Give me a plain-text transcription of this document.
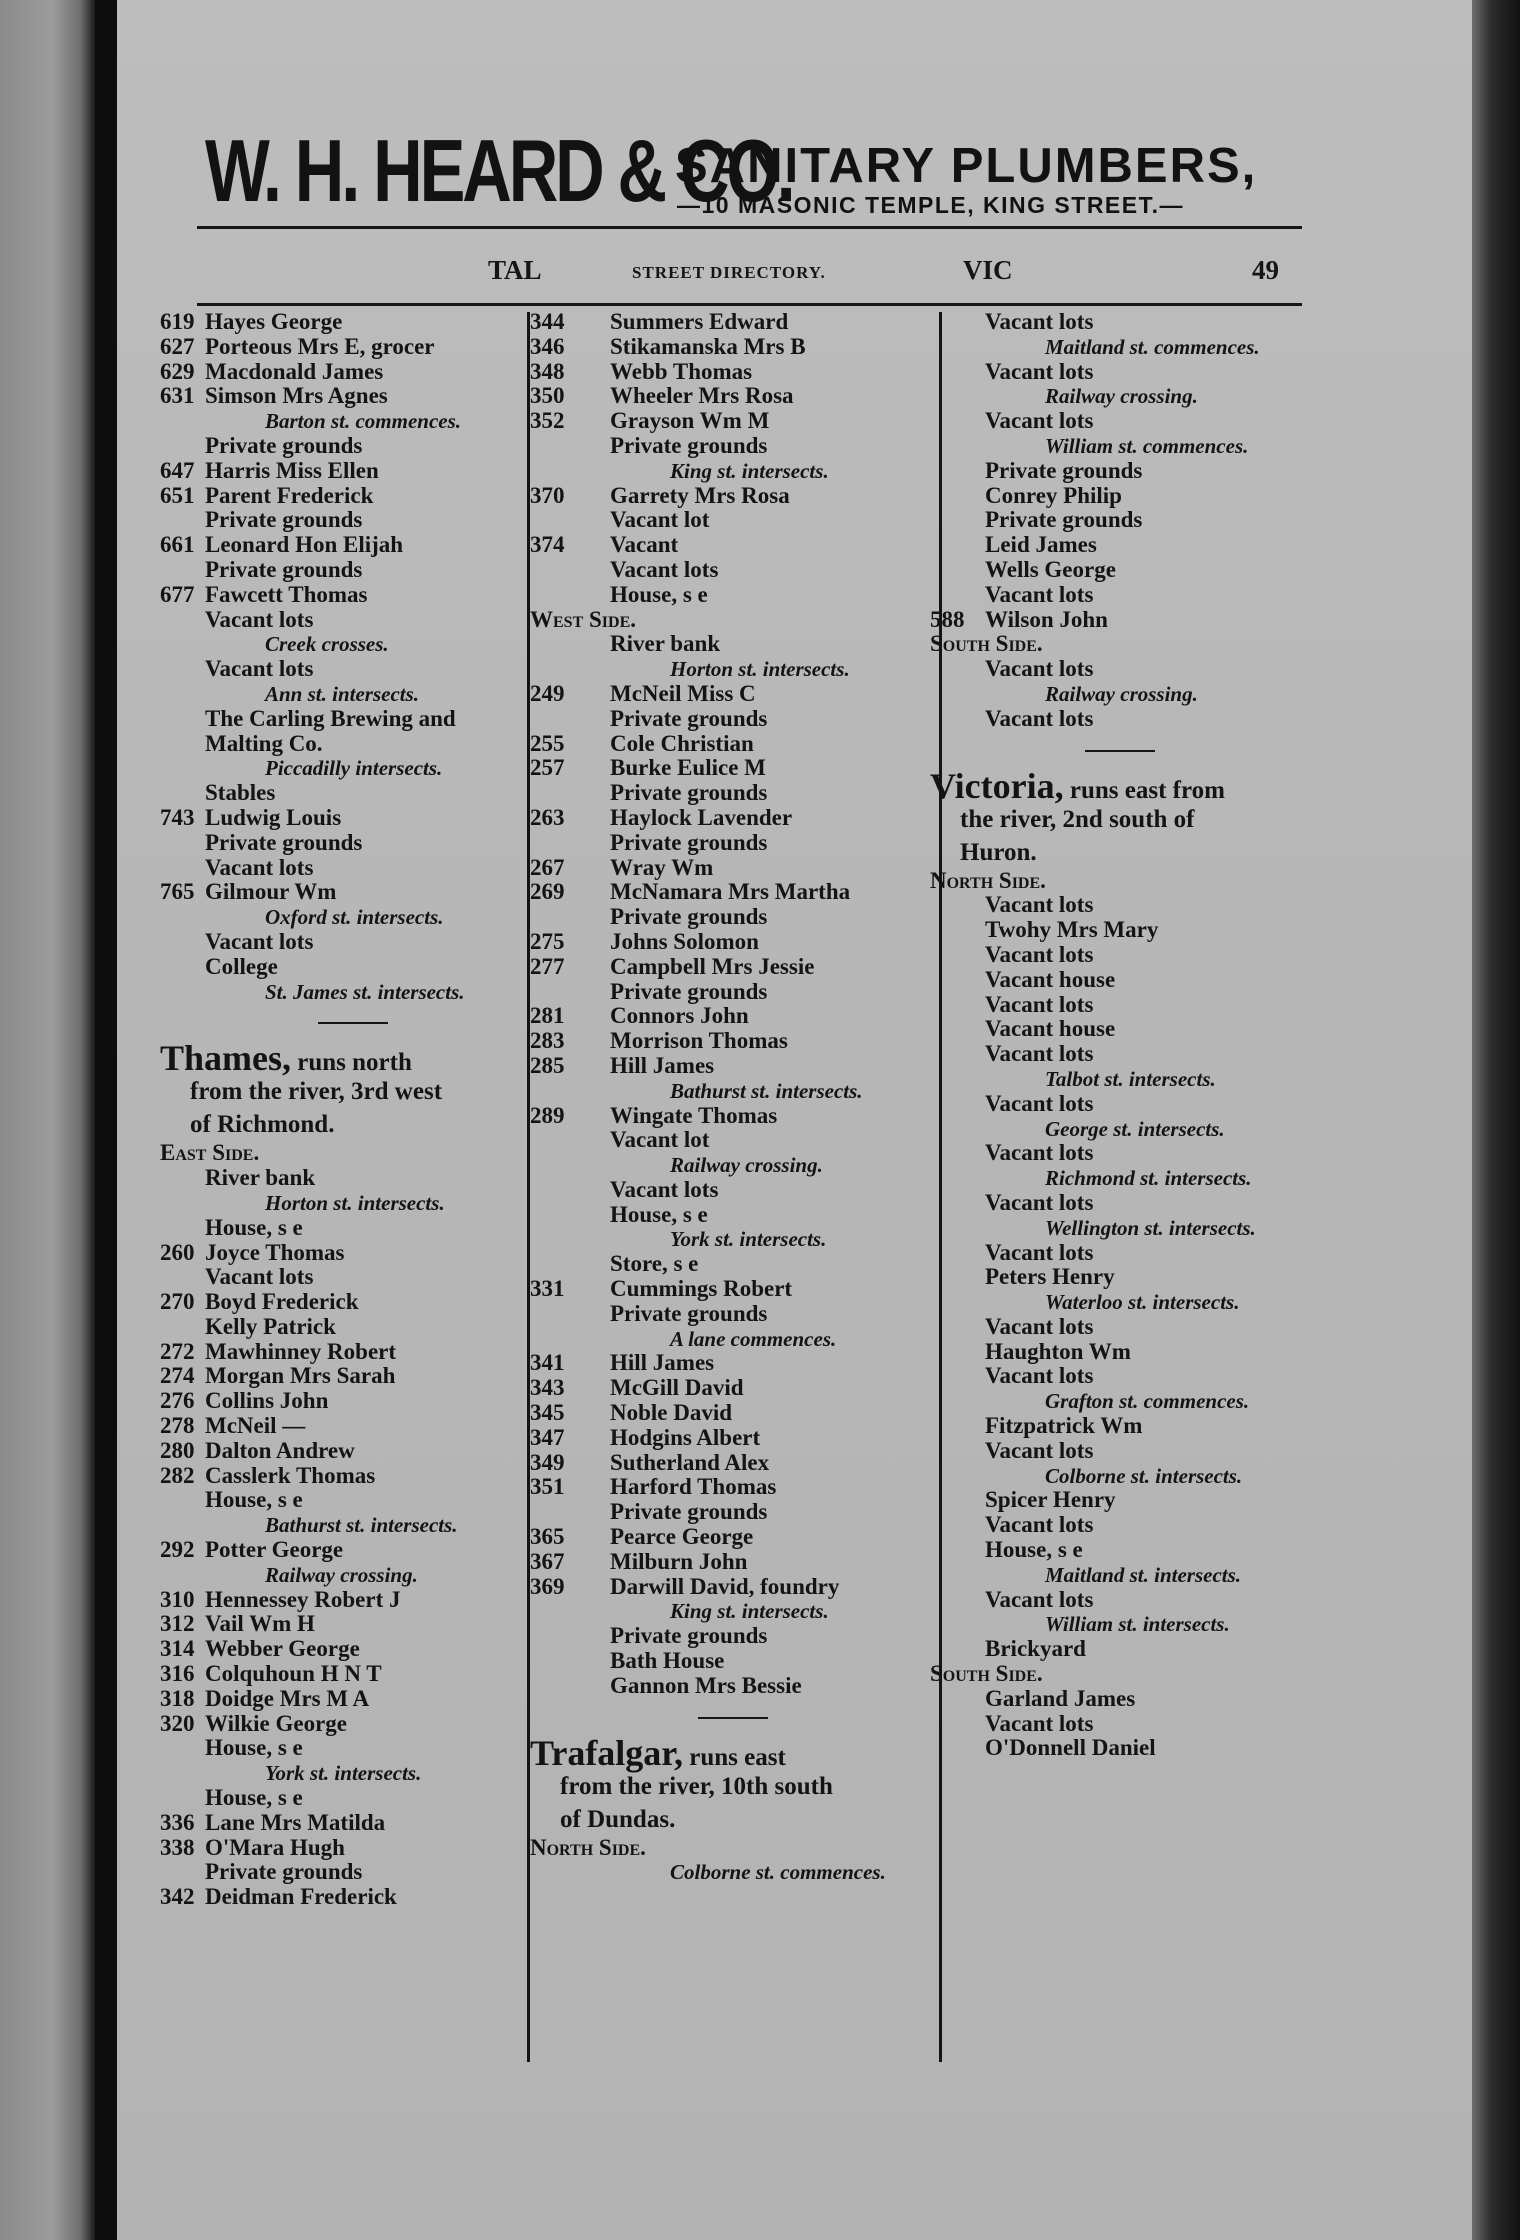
W. H. HEARD & CO.
SANITARY PLUMBERS,
—10 MASONIC TEMPLE, KING STREET.—
TAL	STREET DIRECTORY.	VIC	49
619 Hayes George
627 Porteous Mrs E, grocer
629 Macdonald James
631 Simson Mrs Agnes
Barton st. commences.
Private grounds
647 Harris Miss Ellen
651 Parent Frederick
Private grounds
661 Leonard Hon Elijah
Private grounds
677 Fawcett Thomas
Vacant lots
Creek crosses.
Vacant lots
Ann st. intersects.
The Carling Brewing and
Malting Co.
Piccadilly intersects.
Stables
743 Ludwig Louis
Private grounds
Vacant lots
765 Gilmour Wm
Oxford st. intersects.
Vacant lots
College
St. James st. intersects.
Thames, runs north
from the river, 3rd west
of Richmond.
East Side.
River bank
Horton st. intersects.
House, s e
260 Joyce Thomas
Vacant lots
270 Boyd Frederick
Kelly Patrick
272 Mawhinney Robert
274 Morgan Mrs Sarah
276 Collins John
278 McNeil —
280 Dalton Andrew
282 Casslerk Thomas
House, s e
Bathurst st. intersects.
292 Potter George
Railway crossing.
310 Hennessey Robert J
312 Vail Wm H
314 Webber George
316 Colquhoun H N T
318 Doidge Mrs M A
320 Wilkie George
House, s e
York st. intersects.
House, s e
336 Lane Mrs Matilda
338 O'Mara Hugh
Private grounds
342 Deidman Frederick
344	Summers Edward
346	Stikamanska Mrs B
348	Webb Thomas
350	Wheeler Mrs Rosa
352	Grayson Wm M
Private grounds
King st. intersects.
370	Garrety Mrs Rosa
Vacant lot
374	Vacant
Vacant lots
House, s e
West Side.
River bank
Horton st. intersects.
249	McNeil Miss C
Private grounds
255	Cole Christian
257	Burke Eulice M
Private grounds
263	Haylock Lavender
Private grounds
267	Wray Wm
269	McNamara Mrs Martha
Private grounds
275	Johns Solomon
277	Campbell Mrs Jessie
Private grounds
281	Connors John
283	Morrison Thomas
285	Hill James
Bathurst st. intersects.
289	Wingate Thomas
Vacant lot
Railway crossing.
Vacant lots
House, s e
York st. intersects.
Store, s e
331	Cummings Robert
Private grounds
A lane commences.
341	Hill James
343	McGill David
345	Noble David
347	Hodgins Albert
349	Sutherland Alex
351	Harford Thomas
Private grounds
365	Pearce George
367	Milburn John
369	Darwill David, foundry
King st. intersects.
Private grounds
Bath House
Gannon Mrs Bessie
Trafalgar, runs east
from the river, 10th south
of Dundas.
North Side.
Colborne st. commences.
Vacant lots
Maitland st. commences.
Vacant lots
Railway crossing.
Vacant lots
William st. commences.
Private grounds
Conrey Philip
Private grounds
Leid James
Wells George
Vacant lots
588 Wilson John
South Side.
Vacant lots
Railway crossing.
Vacant lots
Victoria, runs east from
the river, 2nd south of
Huron.
North Side.
Vacant lots
Twohy Mrs Mary
Vacant lots
Vacant house
Vacant lots
Vacant house
Vacant lots
Talbot st. intersects.
Vacant lots
George st. intersects.
Vacant lots
Richmond st. intersects.
Vacant lots
Wellington st. intersects.
Vacant lots
Peters Henry
Waterloo st. intersects.
Vacant lots
Haughton Wm
Vacant lots
Grafton st. commences.
Fitzpatrick Wm
Vacant lots
Colborne st. intersects.
Spicer Henry
Vacant lots
House, s e
Maitland st. intersects.
Vacant lots
William st. intersects.
Brickyard
South Side.
Garland James
Vacant lots
O'Donnell Daniel
